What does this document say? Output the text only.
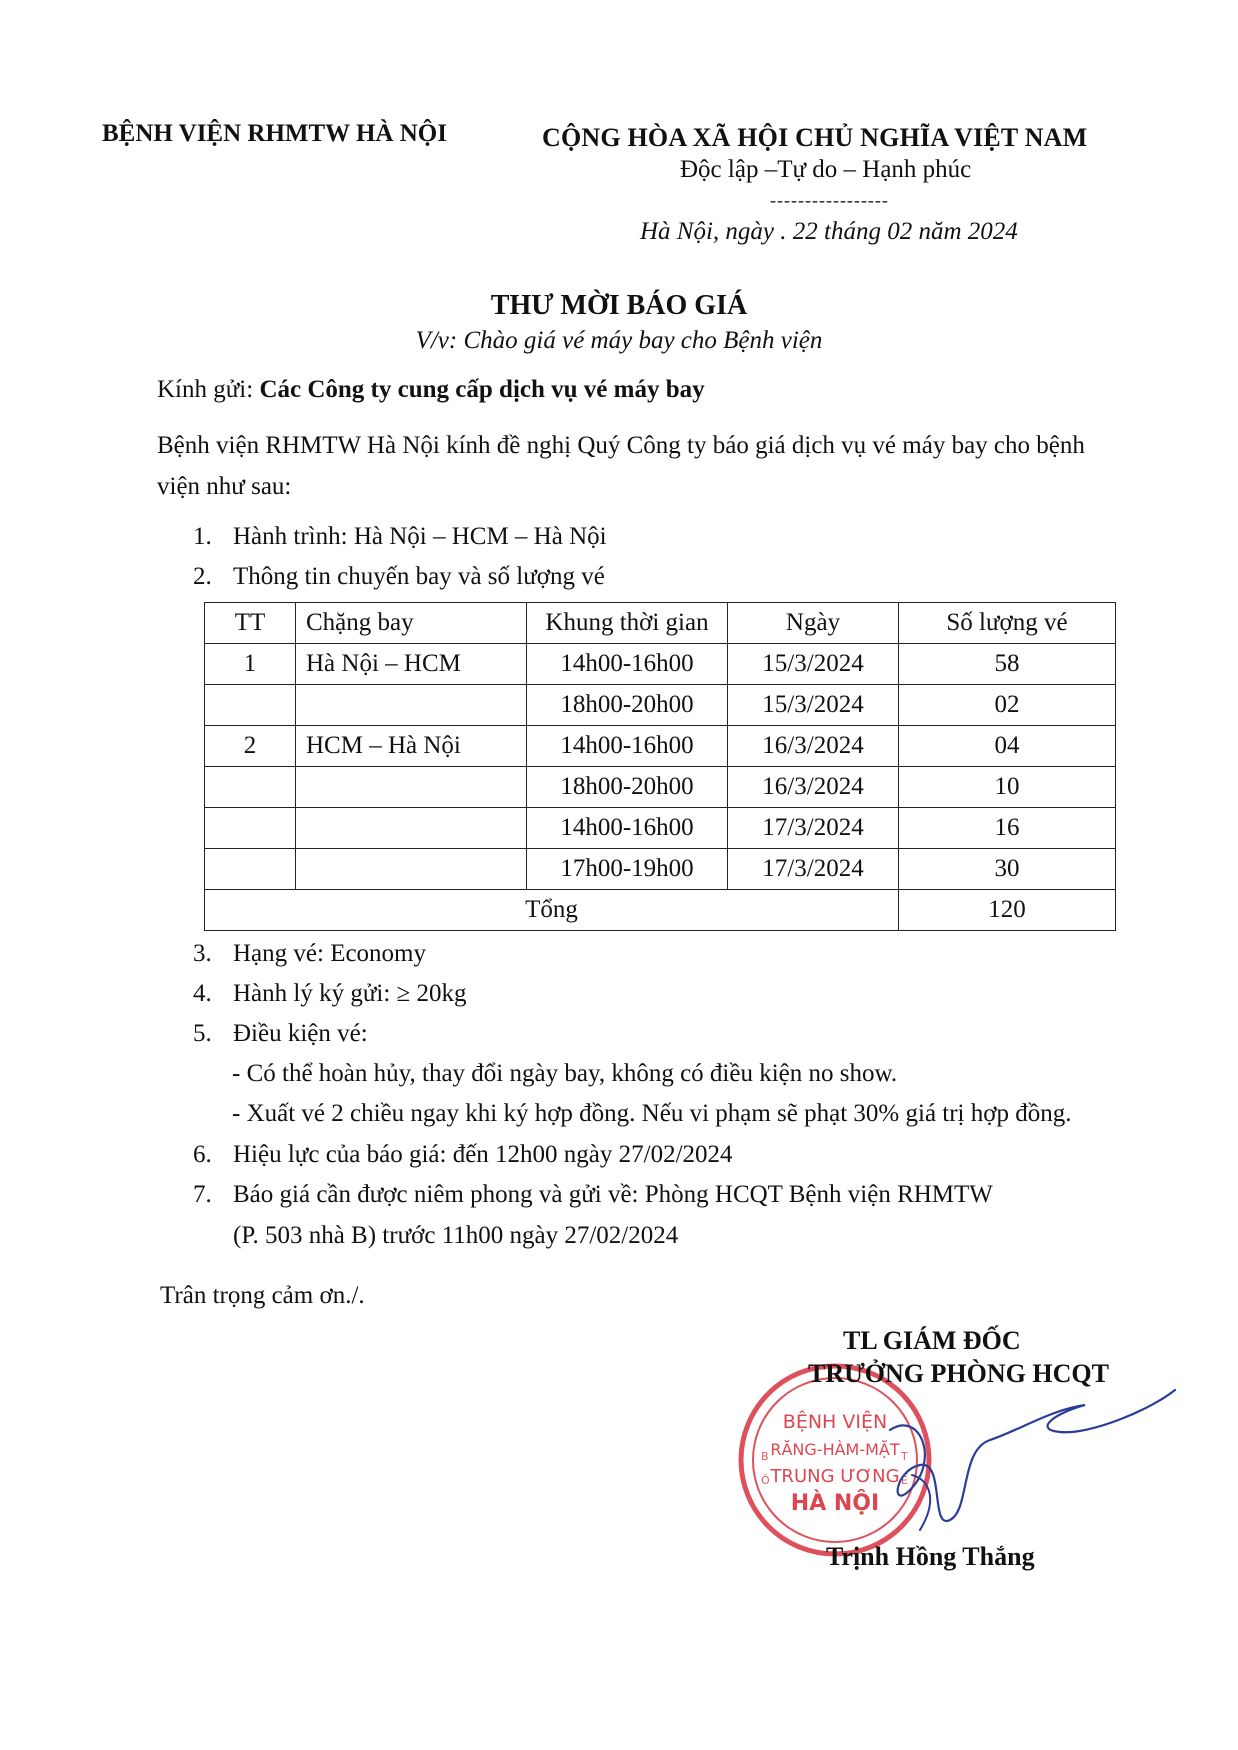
BỆNH VIỆN RHMTW HÀ NỘI	CỘNG HÒA XÃ HỘI CHỦ NGHĨA VIỆT NAM
Độc lập –Tự do – Hạnh phúc
-----------------
Hà Nội, ngày . 22 tháng 02 năm 2024
THƯ MỜI BÁO GIÁ
V/v: Chào giá vé máy bay cho Bệnh viện
Kính gửi: Các Công ty cung cấp dịch vụ vé máy bay
Bệnh viện RHMTW Hà Nội kính đề nghị Quý Công ty báo giá dịch vụ vé máy bay cho bệnh viện như sau:
1. Hành trình: Hà Nội – HCM – Hà Nội
2. Thông tin chuyến bay và số lượng vé
TT	Chặng bay	Khung thời gian	Ngày	Số lượng vé
1	Hà Nội – HCM	14h00-16h00	15/3/2024	58
		18h00-20h00	15/3/2024	02
2	HCM – Hà Nội	14h00-16h00	16/3/2024	04
		18h00-20h00	16/3/2024	10
		14h00-16h00	17/3/2024	16
		17h00-19h00	17/3/2024	30
Tổng				120
3. Hạng vé: Economy
4. Hành lý ký gửi: ≥ 20kg
5. Điều kiện vé:
- Có thể hoàn hủy, thay đổi ngày bay, không có điều kiện no show.
- Xuất vé 2 chiều ngay khi ký hợp đồng. Nếu vi phạm sẽ phạt 30% giá trị hợp đồng.
6. Hiệu lực của báo giá: đến 12h00 ngày 27/02/2024
7. Báo giá cần được niêm phong và gửi về: Phòng HCQT Bệnh viện RHMTW
(P. 503 nhà B) trước 11h00 ngày 27/02/2024
Trân trọng cảm ơn./.
BỆNH VIỆN
RĂNG-HÀM-MẶT
TRUNG ƯƠNG
HÀ NỘI
B
Ô
T
Ế
TL GIÁM ĐỐC
TRƯỞNG PHÒNG HCQT
Trịnh Hồng Thắng
